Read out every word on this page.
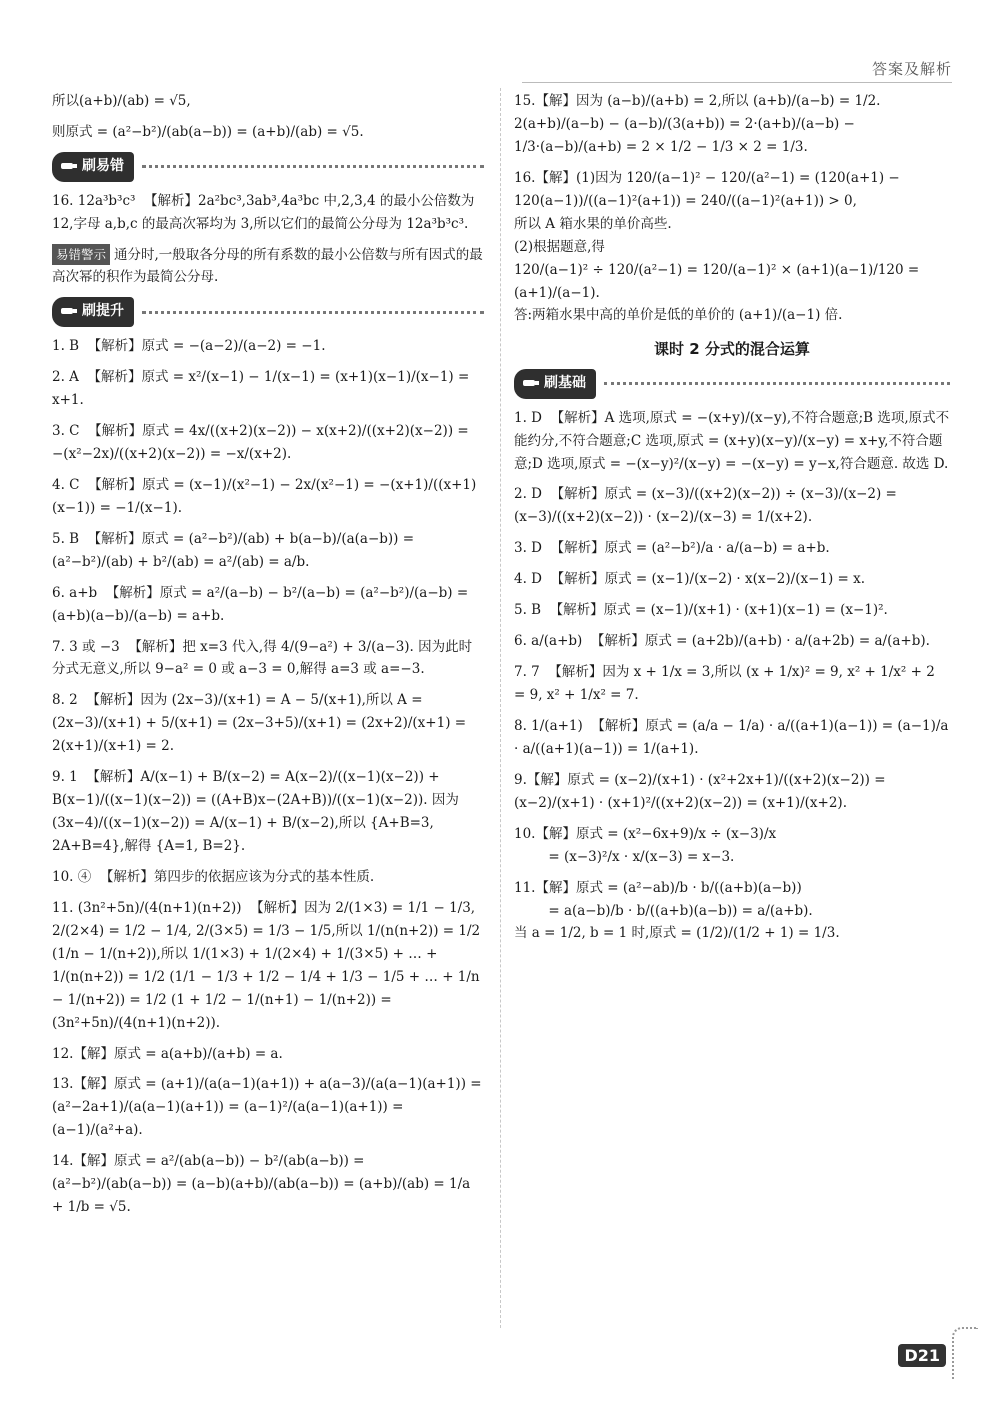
答案及解析
所以(a+b)/(ab) = √5,
则原式 = (a²−b²)/(ab(a−b)) = (a+b)/(ab) = √5.
刷易错
16. 12a³b³c³  【解析】2a²bc³,3ab³,4a³bc 中,2,3,4 的最小公倍数为 12,字母 a,b,c 的最高次幂均为 3,所以它们的最简公分母为 12a³b³c³.
易错警示 通分时,一般取各分母的所有系数的最小公倍数与所有因式的最高次幂的积作为最简公分母.
刷提升
1. B  【解析】原式 = −(a−2)/(a−2) = −1.
2. A  【解析】原式 = x²/(x−1) − 1/(x−1) = (x+1)(x−1)/(x−1) = x+1.
3. C  【解析】原式 = 4x/((x+2)(x−2)) − x(x+2)/((x+2)(x−2)) = −(x²−2x)/((x+2)(x−2)) = −x/(x+2).
4. C  【解析】原式 = (x−1)/(x²−1) − 2x/(x²−1) = −(x+1)/((x+1)(x−1)) = −1/(x−1).
5. B  【解析】原式 = (a²−b²)/(ab) + b(a−b)/(a(a−b)) = (a²−b²)/(ab) + b²/(ab) = a²/(ab) = a/b.
6. a+b  【解析】原式 = a²/(a−b) − b²/(a−b) = (a²−b²)/(a−b) = (a+b)(a−b)/(a−b) = a+b.
7. 3 或 −3  【解析】把 x=3 代入,得 4/(9−a²) + 3/(a−3). 因为此时分式无意义,所以 9−a² = 0 或 a−3 = 0,解得 a=3 或 a=−3.
8. 2  【解析】因为 (2x−3)/(x+1) = A − 5/(x+1),所以 A = (2x−3)/(x+1) + 5/(x+1) = (2x−3+5)/(x+1) = (2x+2)/(x+1) = 2(x+1)/(x+1) = 2.
9. 1  【解析】A/(x−1) + B/(x−2) = A(x−2)/((x−1)(x−2)) + B(x−1)/((x−1)(x−2)) = ((A+B)x−(2A+B))/((x−1)(x−2)). 因为 (3x−4)/((x−1)(x−2)) = A/(x−1) + B/(x−2),所以 {A+B=3, 2A+B=4},解得 {A=1, B=2}.
10. ④  【解析】第四步的依据应该为分式的基本性质.
11. (3n²+5n)/(4(n+1)(n+2))  【解析】因为 2/(1×3) = 1/1 − 1/3, 2/(2×4) = 1/2 − 1/4, 2/(3×5) = 1/3 − 1/5,所以 1/(n(n+2)) = 1/2 (1/n − 1/(n+2)),所以 1/(1×3) + 1/(2×4) + 1/(3×5) + … + 1/(n(n+2)) = 1/2 (1/1 − 1/3 + 1/2 − 1/4 + 1/3 − 1/5 + … + 1/n − 1/(n+2)) = 1/2 (1 + 1/2 − 1/(n+1) − 1/(n+2)) = (3n²+5n)/(4(n+1)(n+2)).
12.【解】原式 = a(a+b)/(a+b) = a.
13.【解】原式 = (a+1)/(a(a−1)(a+1)) + a(a−3)/(a(a−1)(a+1)) = (a²−2a+1)/(a(a−1)(a+1)) = (a−1)²/(a(a−1)(a+1)) = (a−1)/(a²+a).
14.【解】原式 = a²/(ab(a−b)) − b²/(ab(a−b)) = (a²−b²)/(ab(a−b)) = (a−b)(a+b)/(ab(a−b)) = (a+b)/(ab) = 1/a + 1/b = √5.
15.【解】因为 (a−b)/(a+b) = 2,所以 (a+b)/(a−b) = 1/2. 2(a+b)/(a−b) − (a−b)/(3(a+b)) = 2·(a+b)/(a−b) − 1/3·(a−b)/(a+b) = 2 × 1/2 − 1/3 × 2 = 1/3.
16.【解】(1)因为 120/(a−1)² − 120/(a²−1) = (120(a+1) − 120(a−1))/((a−1)²(a+1)) = 240/((a−1)²(a+1)) > 0,
所以 A 箱水果的单价高些.
(2)根据题意,得
120/(a−1)² ÷ 120/(a²−1) = 120/(a−1)² × (a+1)(a−1)/120 = (a+1)/(a−1).
答:两箱水果中高的单价是低的单价的 (a+1)/(a−1) 倍.
课时 2 分式的混合运算
刷基础
1. D  【解析】A 选项,原式 = −(x+y)/(x−y),不符合题意;B 选项,原式不能约分,不符合题意;C 选项,原式 = (x+y)(x−y)/(x−y) = x+y,不符合题意;D 选项,原式 = −(x−y)²/(x−y) = −(x−y) = y−x,符合题意. 故选 D.
2. D  【解析】原式 = (x−3)/((x+2)(x−2)) ÷ (x−3)/(x−2) = (x−3)/((x+2)(x−2)) · (x−2)/(x−3) = 1/(x+2).
3. D  【解析】原式 = (a²−b²)/a · a/(a−b) = a+b.
4. D  【解析】原式 = (x−1)/(x−2) · x(x−2)/(x−1) = x.
5. B  【解析】原式 = (x−1)/(x+1) · (x+1)(x−1) = (x−1)².
6. a/(a+b)  【解析】原式 = (a+2b)/(a+b) · a/(a+2b) = a/(a+b).
7. 7  【解析】因为 x + 1/x = 3,所以 (x + 1/x)² = 9, x² + 1/x² + 2 = 9, x² + 1/x² = 7.
8. 1/(a+1)  【解析】原式 = (a/a − 1/a) · a/((a+1)(a−1)) = (a−1)/a · a/((a+1)(a−1)) = 1/(a+1).
9.【解】原式 = (x−2)/(x+1) · (x²+2x+1)/((x+2)(x−2)) = (x−2)/(x+1) · (x+1)²/((x+2)(x−2)) = (x+1)/(x+2).
10.【解】原式 = (x²−6x+9)/x ÷ (x−3)/x
= (x−3)²/x · x/(x−3) = x−3.
11.【解】原式 = (a²−ab)/b · b/((a+b)(a−b))
= a(a−b)/b · b/((a+b)(a−b)) = a/(a+b).
当 a = 1/2, b = 1 时,原式 = (1/2)/(1/2 + 1) = 1/3.
D21
